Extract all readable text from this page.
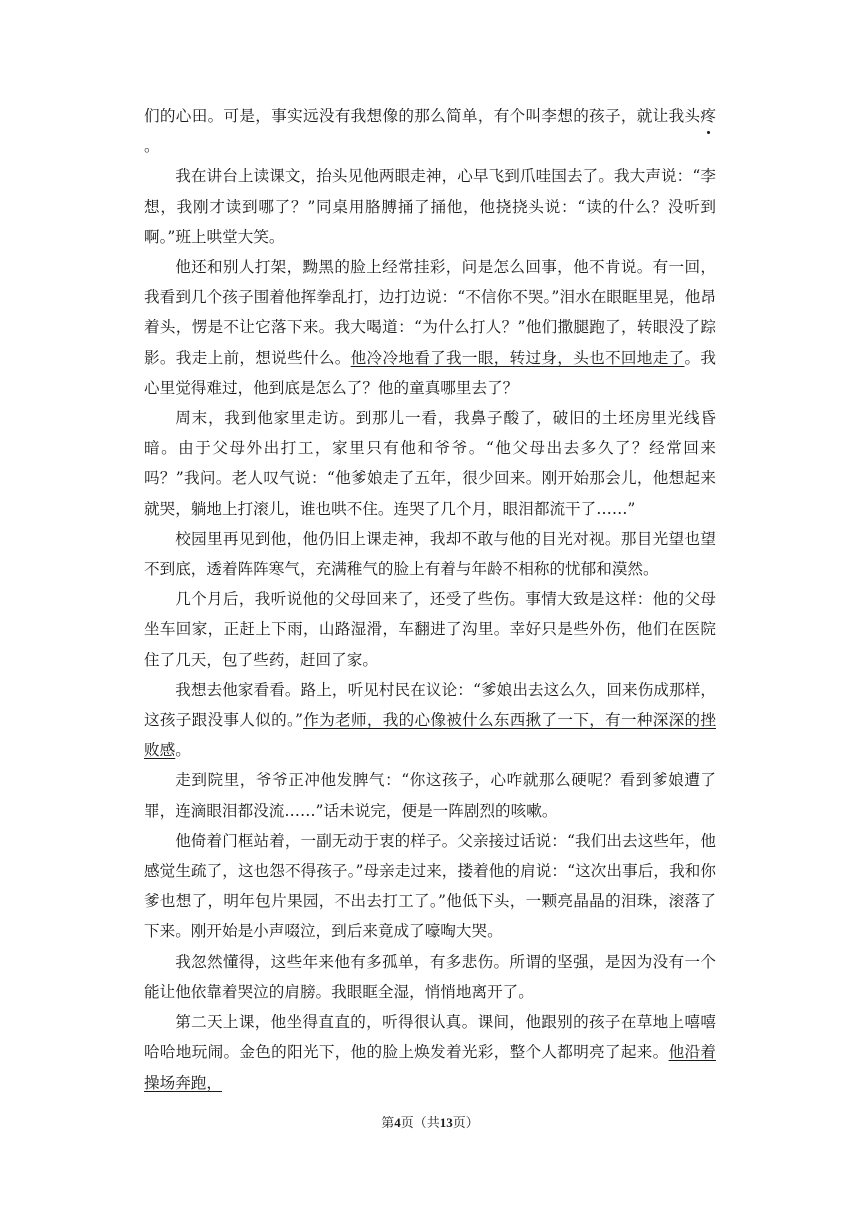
们的心田。可是，事实远没有我想像的那么简单，有个叫李想的孩子，就让我头疼。

我在讲台上读课文，抬头见他两眼走神，心早飞到爪哇国去了。我大声说：“李想，我刚才读到哪了？”同桌用胳膊捅了捅他，他挠挠头说：“读的什么？没听到啊。”班上哄堂大笑。

他还和别人打架，黝黑的脸上经常挂彩，问是怎么回事，他不肯说。有一回，我看到几个孩子围着他挥拳乱打，边打边说：“不信你不哭。”泪水在眼眶里晃，他昂着头，愣是不让它落下来。我大喝道：“为什么打人？”他们撒腿跑了，转眼没了踪影。我走上前，想说些什么。他冷冷地看了我一眼，转过身，头也不回地走了。我心里觉得难过，他到底是怎么了？他的童真哪里去了？

周末，我到他家里走访。到那儿一看，我鼻子酸了，破旧的土坯房里光线昏暗。由于父母外出打工，家里只有他和爷爷。“他父母出去多久了？经常回来吗？”我问。老人叹气说：“他爹娘走了五年，很少回来。刚开始那会儿，他想起来就哭，躺地上打滚儿，谁也哄不住。连哭了几个月，眼泪都流干了……”

校园里再见到他，他仍旧上课走神，我却不敢与他的目光对视。那目光望也望不到底，透着阵阵寒气，充满稚气的脸上有着与年龄不相称的忧郁和漠然。

几个月后，我听说他的父母回来了，还受了些伤。事情大致是这样：他的父母坐车回家，正赶上下雨，山路湿滑，车翻进了沟里。幸好只是些外伤，他们在医院住了几天，包了些药，赶回了家。

我想去他家看看。路上，听见村民在议论：“爹娘出去这么久，回来伤成那样，这孩子跟没事人似的。”作为老师，我的心像被什么东西揪了一下，有一种深深的挫败感。

走到院里，爷爷正冲他发脾气：“你这孩子，心咋就那么硬呢？看到爹娘遭了罪，连滴眼泪都没流……”话未说完，便是一阵剧烈的咳嗽。

他倚着门框站着，一副无动于衷的样子。父亲接过话说：“我们出去这些年，他感觉生疏了，这也怨不得孩子。”母亲走过来，搂着他的肩说：“这次出事后，我和你爹也想了，明年包片果园，不出去打工了。”他低下头，一颗亮晶晶的泪珠，滚落了下来。刚开始是小声啜泣，到后来竟成了嚎啕大哭。

我忽然懂得，这些年来他有多孤单，有多悲伤。所谓的坚强，是因为没有一个能让他依靠着哭泣的肩膀。我眼眶全湿，悄悄地离开了。

第二天上课，他坐得直直的，听得很认真。课间，他跟别的孩子在草地上嘻嘻哈哈地玩闹。金色的阳光下，他的脸上焕发着光彩，整个人都明亮了起来。他沿着操场奔跑，

第4页（共13页）
